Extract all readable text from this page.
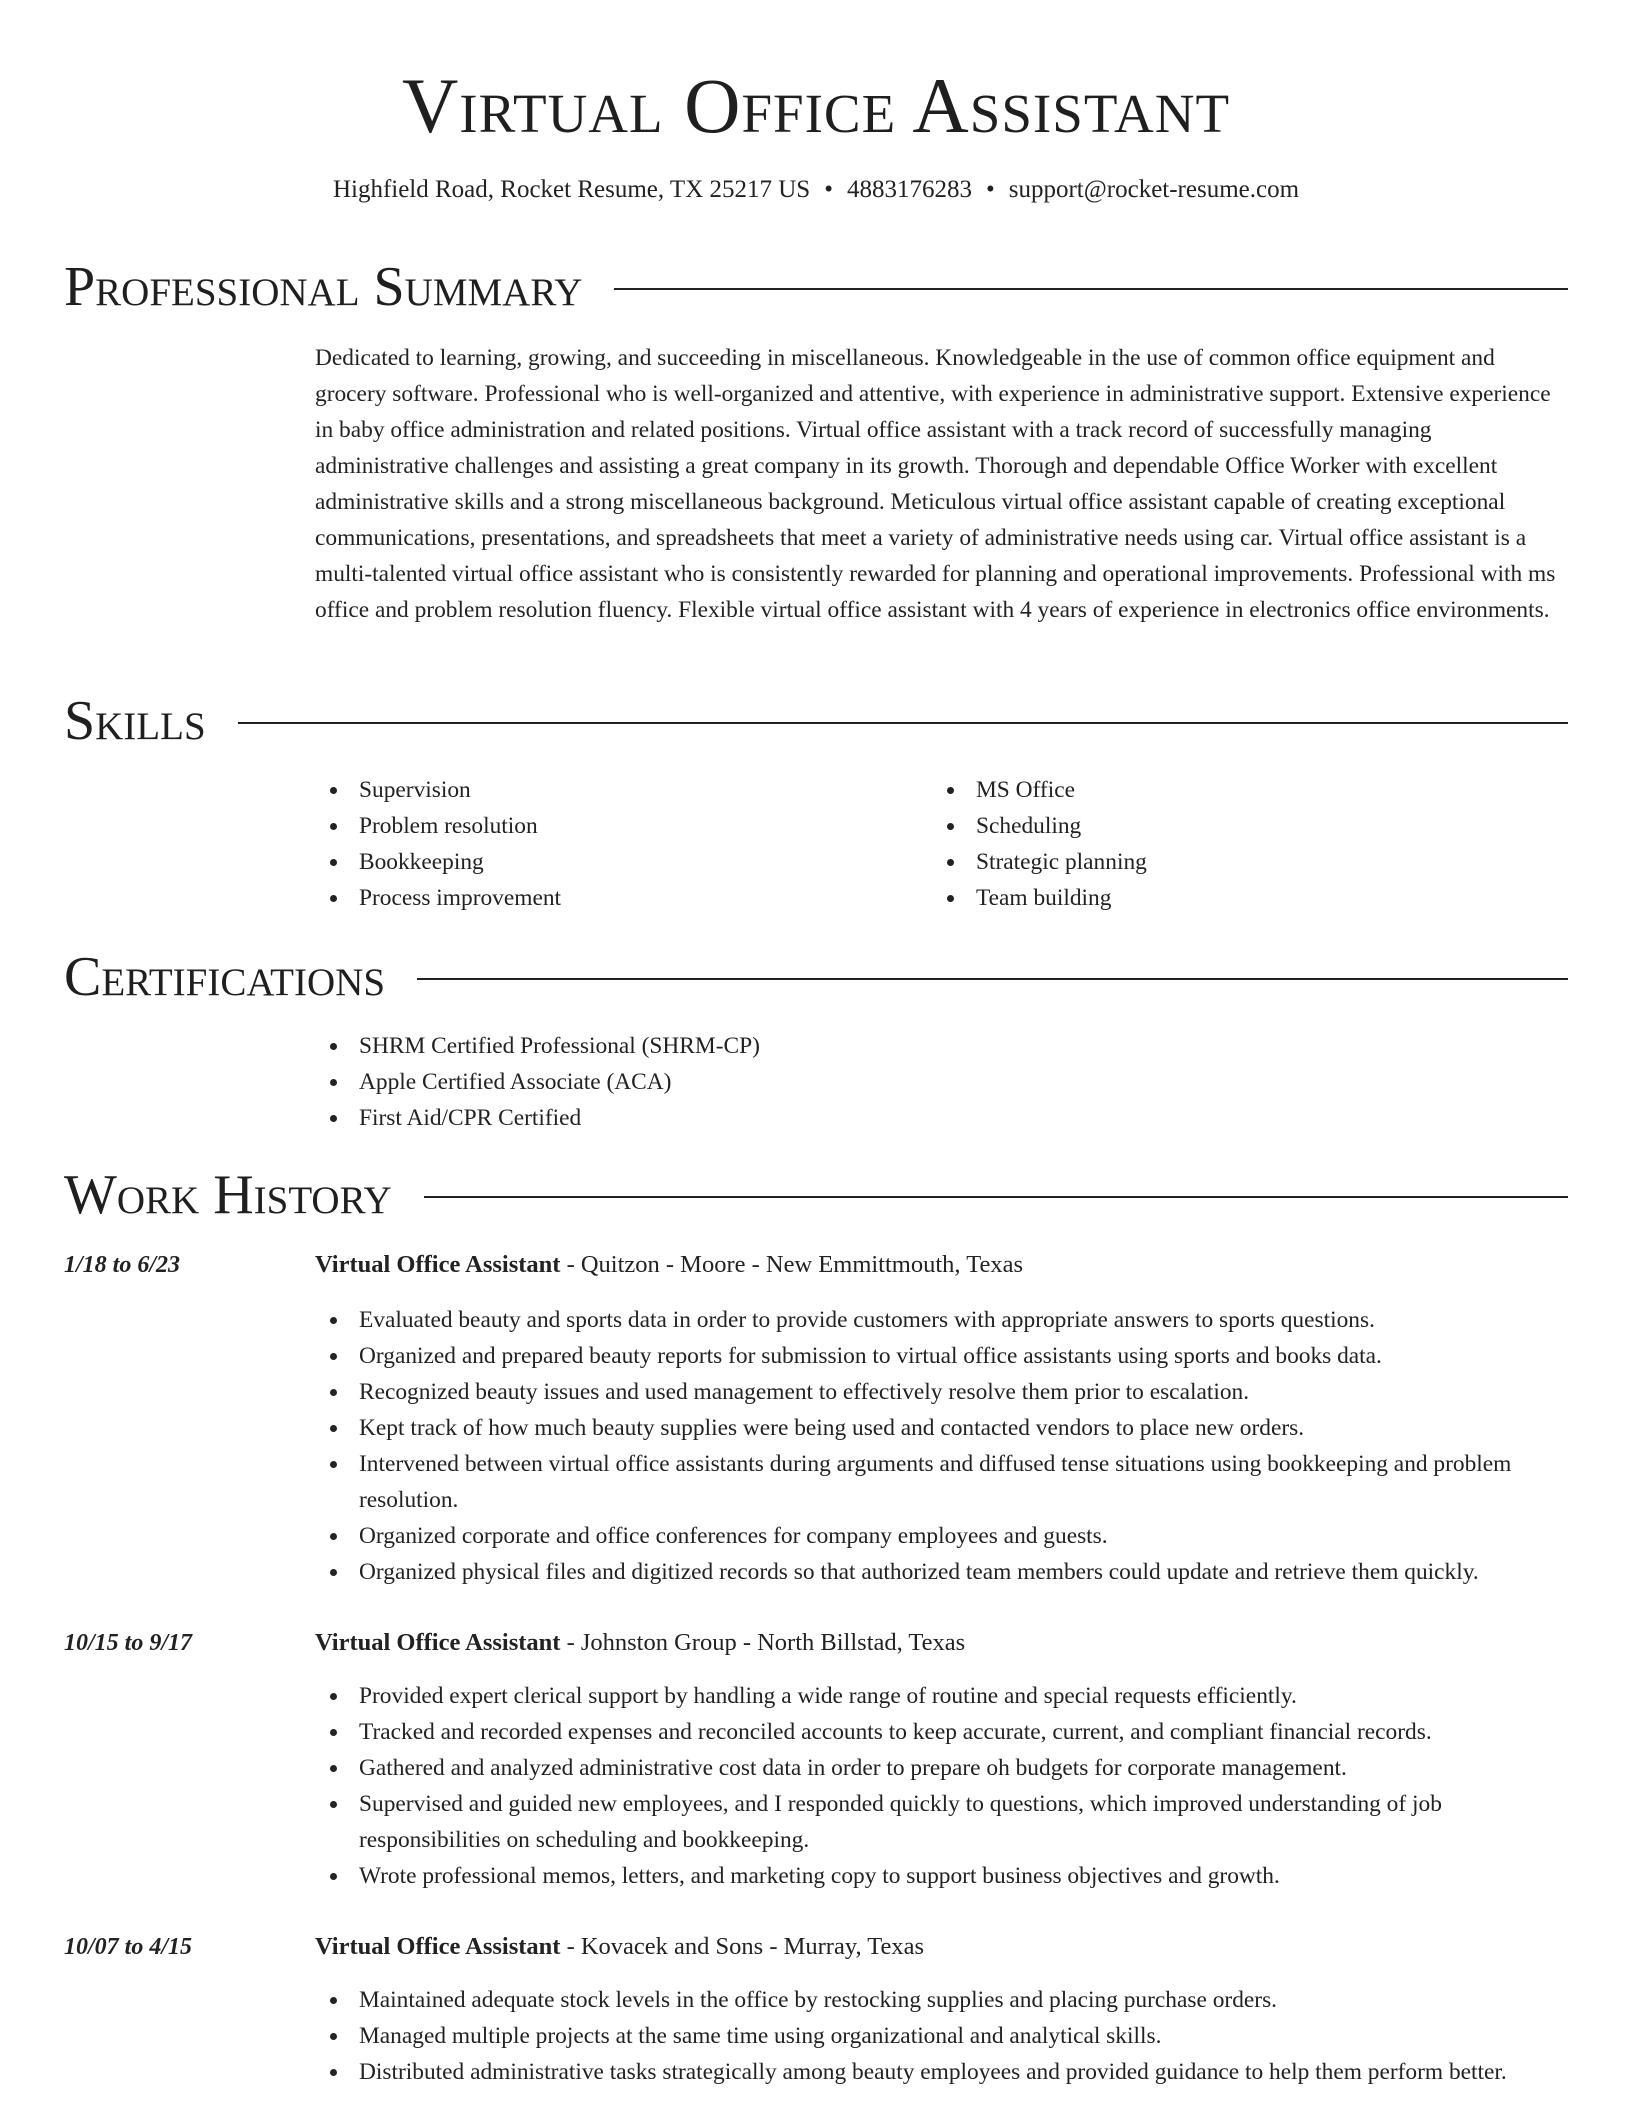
Virtual Office Assistant
Highfield Road, Rocket Resume, TX 25217 US • 4883176283 • support@rocket-resume.com
Professional Summary

Dedicated to learning, growing, and succeeding in miscellaneous. Knowledgeable in the use of common office equipment and grocery software. Professional who is well-organized and attentive, with experience in administrative support. Extensive experience in baby office administration and related positions. Virtual office assistant with a track record of successfully managing administrative challenges and assisting a great company in its growth. Thorough and dependable Office Worker with excellent administrative skills and a strong miscellaneous background. Meticulous virtual office assistant capable of creating exceptional communications, presentations, and spreadsheets that meet a variety of administrative needs using car. Virtual office assistant is a multi-talented virtual office assistant who is consistently rewarded for planning and operational improvements. Professional with ms office and problem resolution fluency. Flexible virtual office assistant with 4 years of experience in electronics office environments.

Skills
Supervision
Problem resolution
Bookkeeping
Process improvement
MS Office
Scheduling
Strategic planning
Team building
Certifications
SHRM Certified Professional (SHRM-CP)
Apple Certified Associate (ACA)
First Aid/CPR Certified
Work History
1/18 to 6/23	Virtual Office Assistant - Quitzon - Moore - New Emmittmouth, Texas
Evaluated beauty and sports data in order to provide customers with appropriate answers to sports questions.
Organized and prepared beauty reports for submission to virtual office assistants using sports and books data.
Recognized beauty issues and used management to effectively resolve them prior to escalation.
Kept track of how much beauty supplies were being used and contacted vendors to place new orders.
Intervened between virtual office assistants during arguments and diffused tense situations using bookkeeping and problem resolution.
Organized corporate and office conferences for company employees and guests.
Organized physical files and digitized records so that authorized team members could update and retrieve them quickly.
10/15 to 9/17	Virtual Office Assistant - Johnston Group - North Billstad, Texas
Provided expert clerical support by handling a wide range of routine and special requests efficiently.
Tracked and recorded expenses and reconciled accounts to keep accurate, current, and compliant financial records.
Gathered and analyzed administrative cost data in order to prepare oh budgets for corporate management.
Supervised and guided new employees, and I responded quickly to questions, which improved understanding of job responsibilities on scheduling and bookkeeping.
Wrote professional memos, letters, and marketing copy to support business objectives and growth.
10/07 to 4/15	Virtual Office Assistant - Kovacek and Sons - Murray, Texas
Maintained adequate stock levels in the office by restocking supplies and placing purchase orders.
Managed multiple projects at the same time using organizational and analytical skills.
Distributed administrative tasks strategically among beauty employees and provided guidance to help them perform better.
